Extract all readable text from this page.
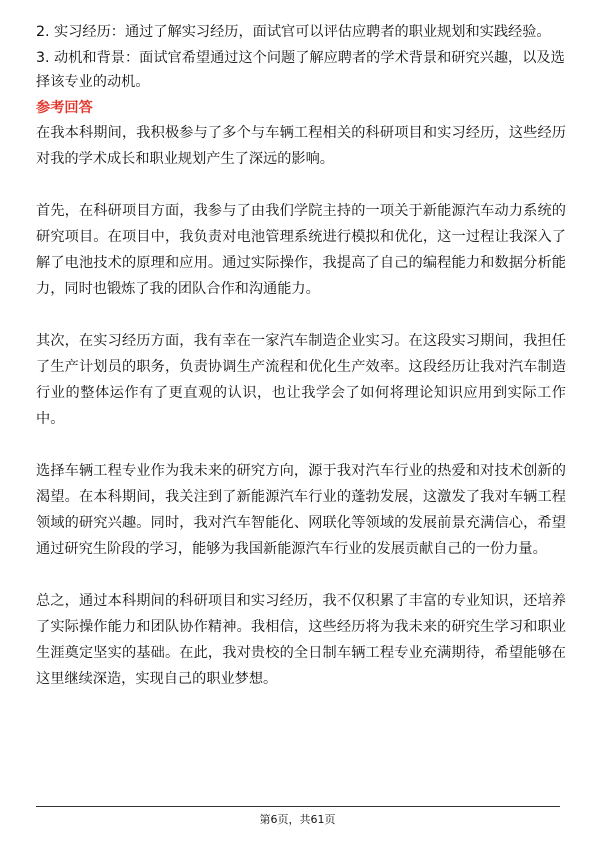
2. 实习经历：通过了解实习经历，面试官可以评估应聘者的职业规划和实践经验。

3. 动机和背景：面试官希望通过这个问题了解应聘者的学术背景和研究兴趣，以及选择该专业的动机。

参考回答

在我本科期间，我积极参与了多个与车辆工程相关的科研项目和实习经历，这些经历对我的学术成长和职业规划产生了深远的影响。

首先，在科研项目方面，我参与了由我们学院主持的一项关于新能源汽车动力系统的研究项目。在项目中，我负责对电池管理系统进行模拟和优化，这一过程让我深入了解了电池技术的原理和应用。通过实际操作，我提高了自己的编程能力和数据分析能力，同时也锻炼了我的团队合作和沟通能力。

其次，在实习经历方面，我有幸在一家汽车制造企业实习。在这段实习期间，我担任了生产计划员的职务，负责协调生产流程和优化生产效率。这段经历让我对汽车制造行业的整体运作有了更直观的认识，也让我学会了如何将理论知识应用到实际工作中。

选择车辆工程专业作为我未来的研究方向，源于我对汽车行业的热爱和对技术创新的渴望。在本科期间，我关注到了新能源汽车行业的蓬勃发展，这激发了我对车辆工程领域的研究兴趣。同时，我对汽车智能化、网联化等领域的发展前景充满信心，希望通过研究生阶段的学习，能够为我国新能源汽车行业的发展贡献自己的一份力量。

总之，通过本科期间的科研项目和实习经历，我不仅积累了丰富的专业知识，还培养了实际操作能力和团队协作精神。我相信，这些经历将为我未来的研究生学习和职业生涯奠定坚实的基础。在此，我对贵校的全日制车辆工程专业充满期待，希望能够在这里继续深造，实现自己的职业梦想。

第6页，共61页
